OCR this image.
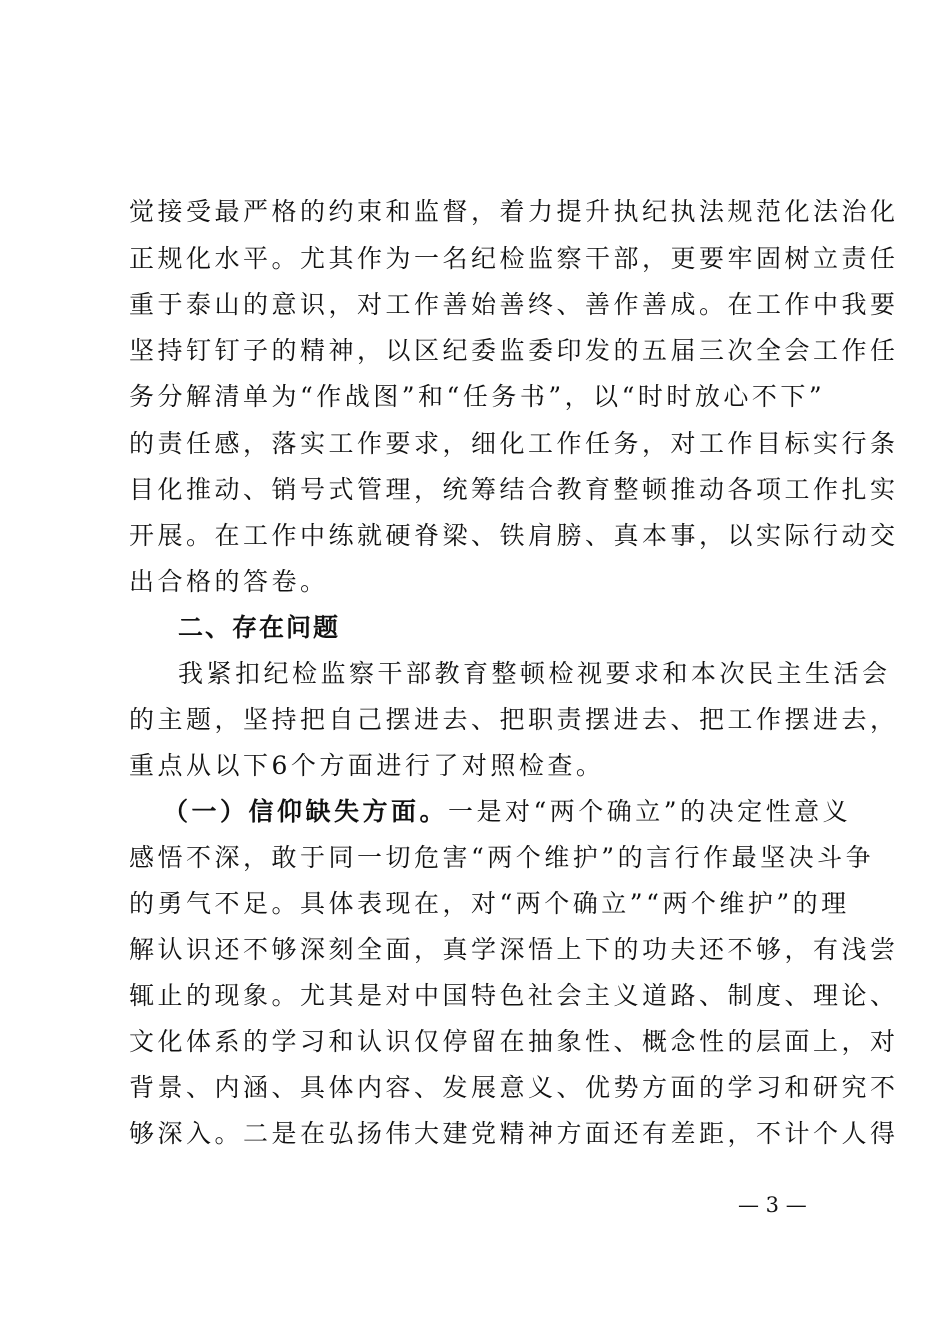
觉接受最严格的约束和监督，着力提升执纪执法规范化法治化
正规化水平。尤其作为一名纪检监察干部，更要牢固树立责任
重于泰山的意识，对工作善始善终、善作善成。在工作中我要
坚持钉钉子的精神，以区纪委监委印发的五届三次全会工作任
务分解清单为“作战图”和“任务书”，以“时时放心不下”
的责任感，落实工作要求，细化工作任务，对工作目标实行条
目化推动、销号式管理，统筹结合教育整顿推动各项工作扎实
开展。在工作中练就硬脊梁、铁肩膀、真本事，以实际行动交
出合格的答卷。
二、存在问题
我紧扣纪检监察干部教育整顿检视要求和本次民主生活会
的主题，坚持把自己摆进去、把职责摆进去、把工作摆进去，
重点从以下6个方面进行了对照检查。
（一）信仰缺失方面。一是对“两个确立”的决定性意义
感悟不深，敢于同一切危害“两个维护”的言行作最坚决斗争
的勇气不足。具体表现在，对“两个确立”“两个维护”的理
解认识还不够深刻全面，真学深悟上下的功夫还不够，有浅尝
辄止的现象。尤其是对中国特色社会主义道路、制度、理论、
文化体系的学习和认识仅停留在抽象性、概念性的层面上，对
背景、内涵、具体内容、发展意义、优势方面的学习和研究不
够深入。二是在弘扬伟大建党精神方面还有差距，不计个人得
— 3 —
